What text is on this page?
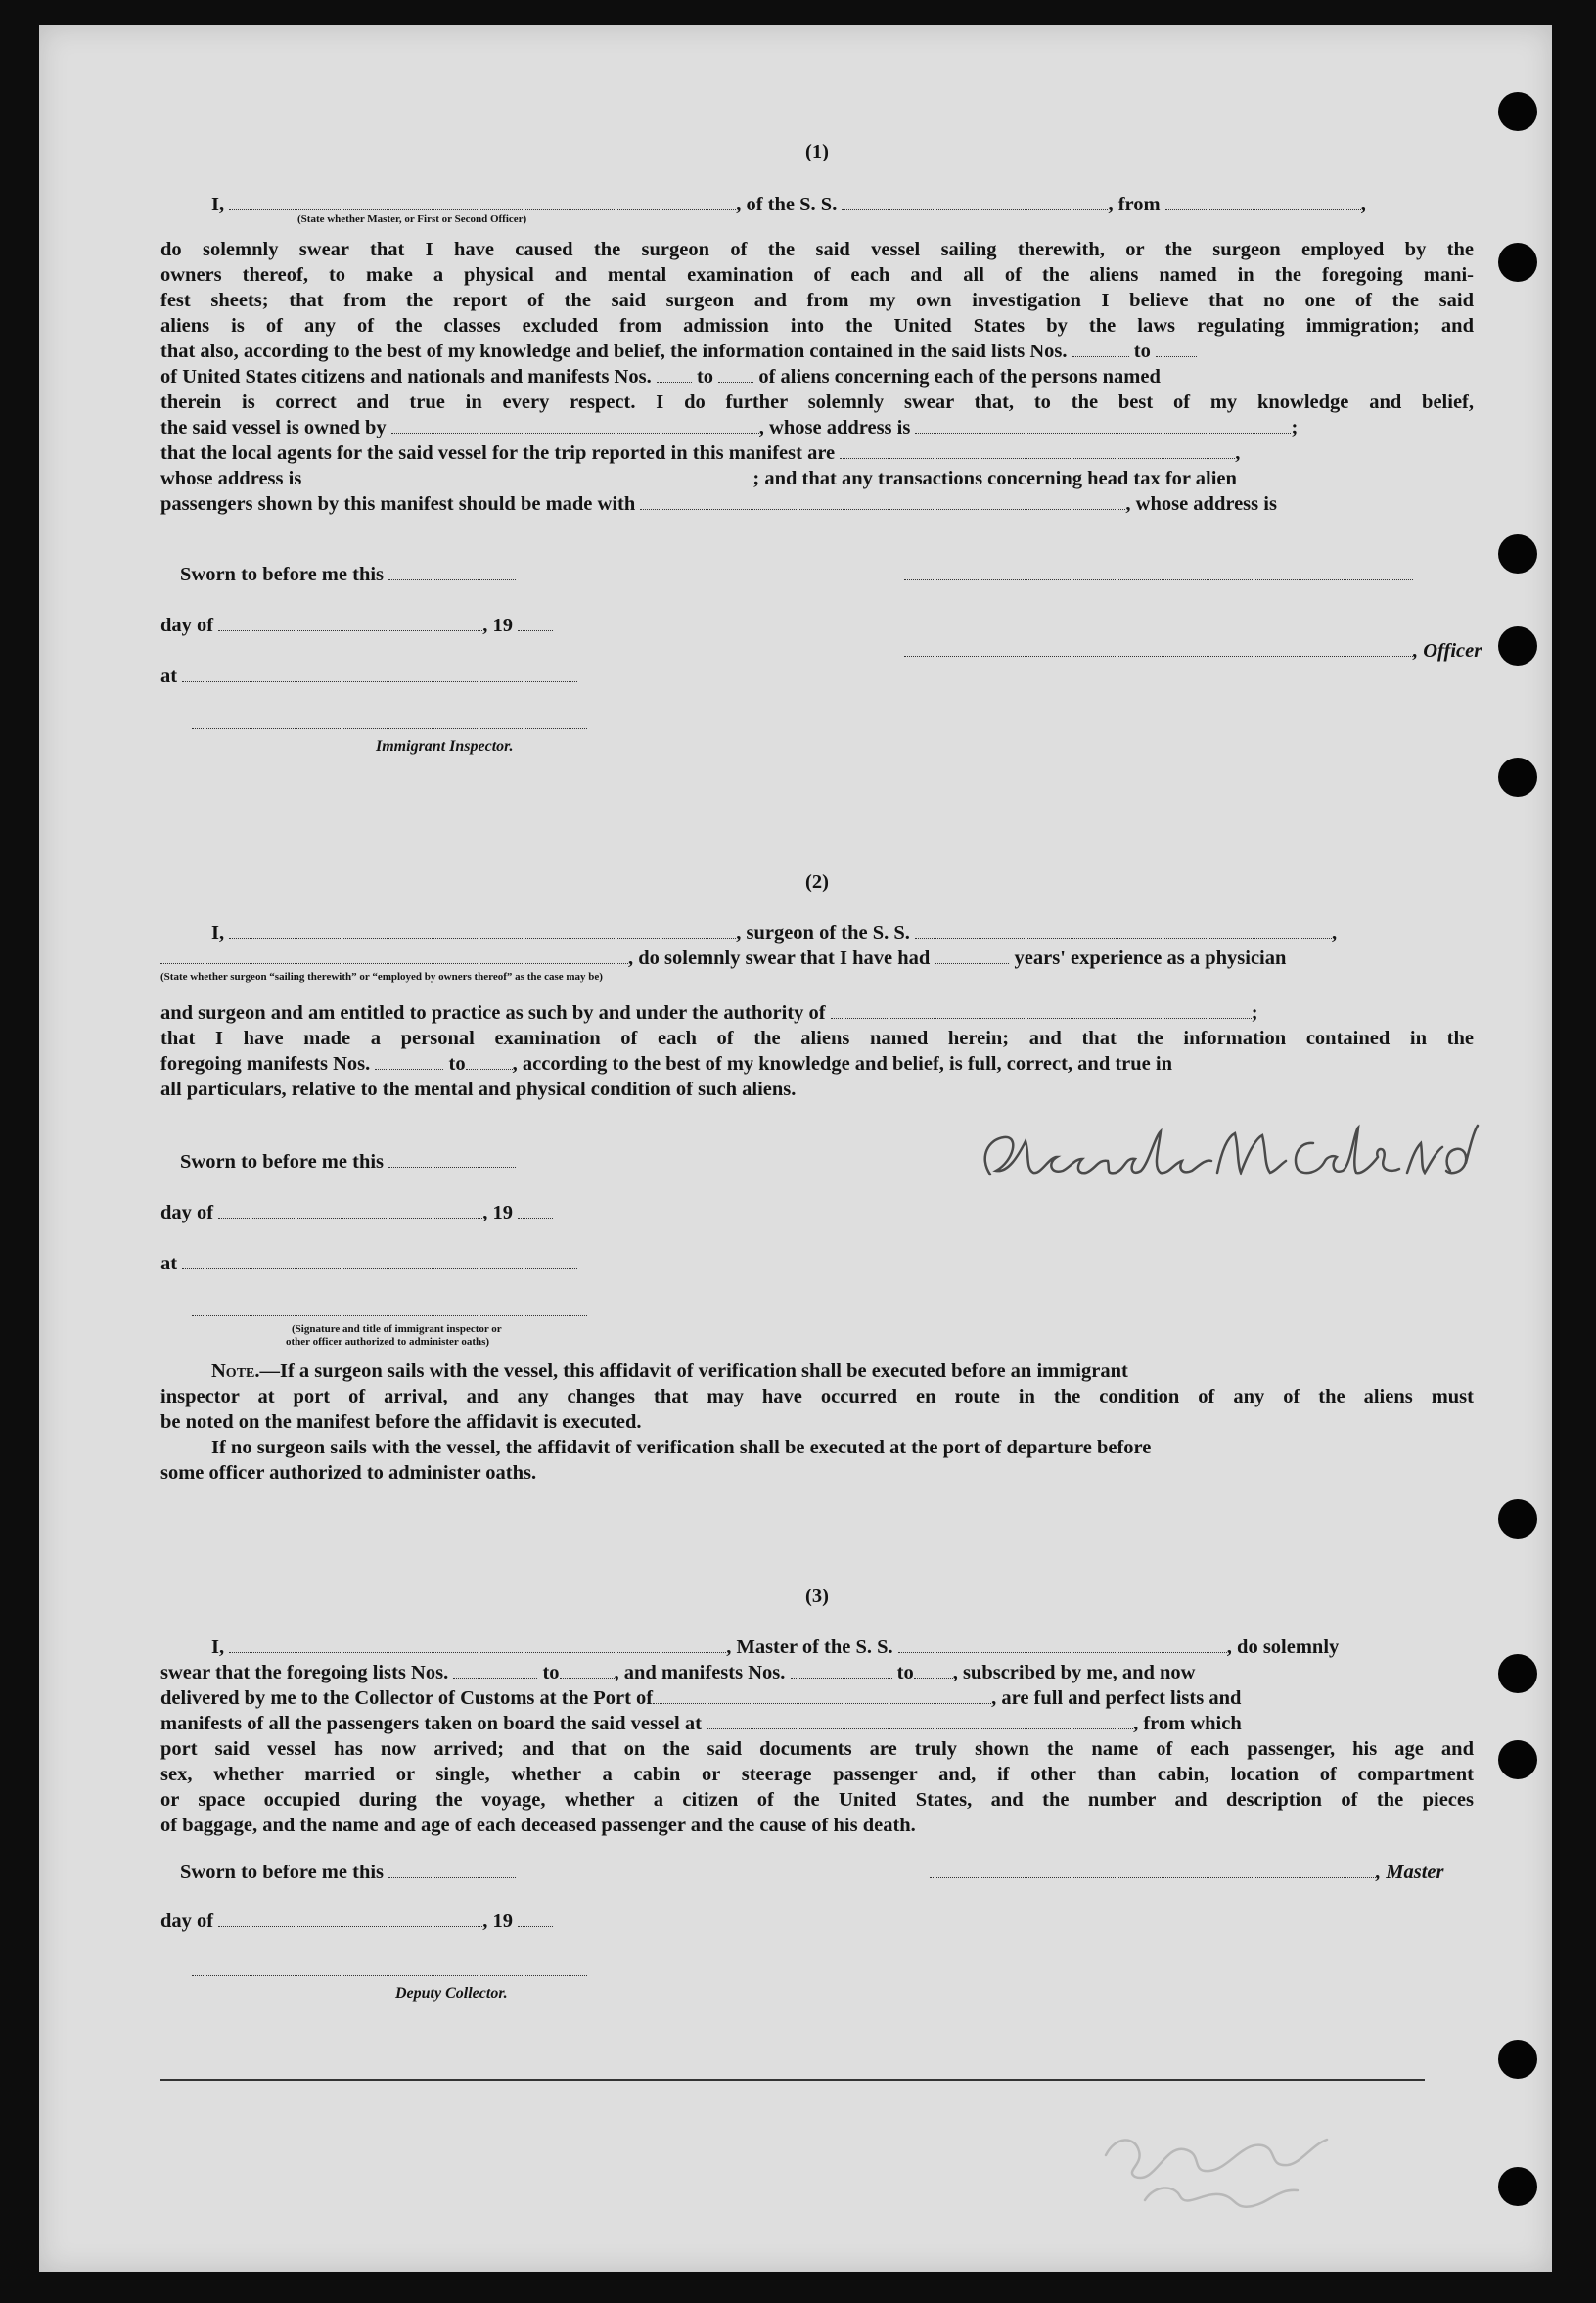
(1)
I,	, of the S. S.	, from	,
(State whether Master, or First or Second Officer)
do solemnly swear that I have caused the surgeon of the said vessel sailing therewith, or the surgeon employed by the
owners thereof, to make a physical and mental examination of each and all of the aliens named in the foregoing mani-
fest sheets; that from the report of the said surgeon and from my own investigation I believe that no one of the said
aliens is of any of the classes excluded from admission into the United States by the laws regulating immigration; and
that also, according to the best of my knowledge and belief, the information contained in the said lists Nos.	to
of United States citizens and nationals and manifests Nos. to of aliens concerning each of the persons named
therein is correct and true in every respect. I do further solemnly swear that, to the best of my knowledge and belief,
the said vessel is owned by	, whose address is	;
that the local agents for the said vessel for the trip reported in this manifest are	,
whose address is	; and that any transactions concerning head tax for alien
passengers shown by this manifest should be made with	, whose address is
Sworn to before me this
day of	, 19
, Officer
at
Immigrant Inspector.
(2)
I,	, surgeon of the S. S.	,
, do solemnly swear that I have had	years' experience as a physician
(State whether surgeon “sailing therewith” or “employed by owners thereof” as the case may be)
and surgeon and am entitled to practice as such by and under the authority of	;
that I have made a personal examination of each of the aliens named herein; and that the information contained in the
foregoing manifests Nos.	to , according to the best of my knowledge and belief, is full, correct, and true in
all particulars, relative to the mental and physical condition of such aliens.
Sworn to before me this
day of	, 19
at
(Signature and title of immigrant inspector or
other officer authorized to administer oaths)
Note.—If a surgeon sails with the vessel, this affidavit of verification shall be executed before an immigrant
inspector at port of arrival, and any changes that may have occurred en route in the condition of any of the aliens must
be noted on the manifest before the affidavit is executed.
If no surgeon sails with the vessel, the affidavit of verification shall be executed at the port of departure before
some officer authorized to administer oaths.
(3)
I,	, Master of the S. S.	, do solemnly
swear that the foregoing lists Nos.	to	, and manifests Nos.	to , subscribed by me, and now
delivered by me to the Collector of Customs at the Port of	, are full and perfect lists and
manifests of all the passengers taken on board the said vessel at	, from which
port said vessel has now arrived; and that on the said documents are truly shown the name of each passenger, his age and
sex, whether married or single, whether a cabin or steerage passenger and, if other than cabin, location of compartment
or space occupied during the voyage, whether a citizen of the United States, and the number and description of the pieces
of baggage, and the name and age of each deceased passenger and the cause of his death.
Sworn to before me this	, Master
day of	, 19
Deputy Collector.
